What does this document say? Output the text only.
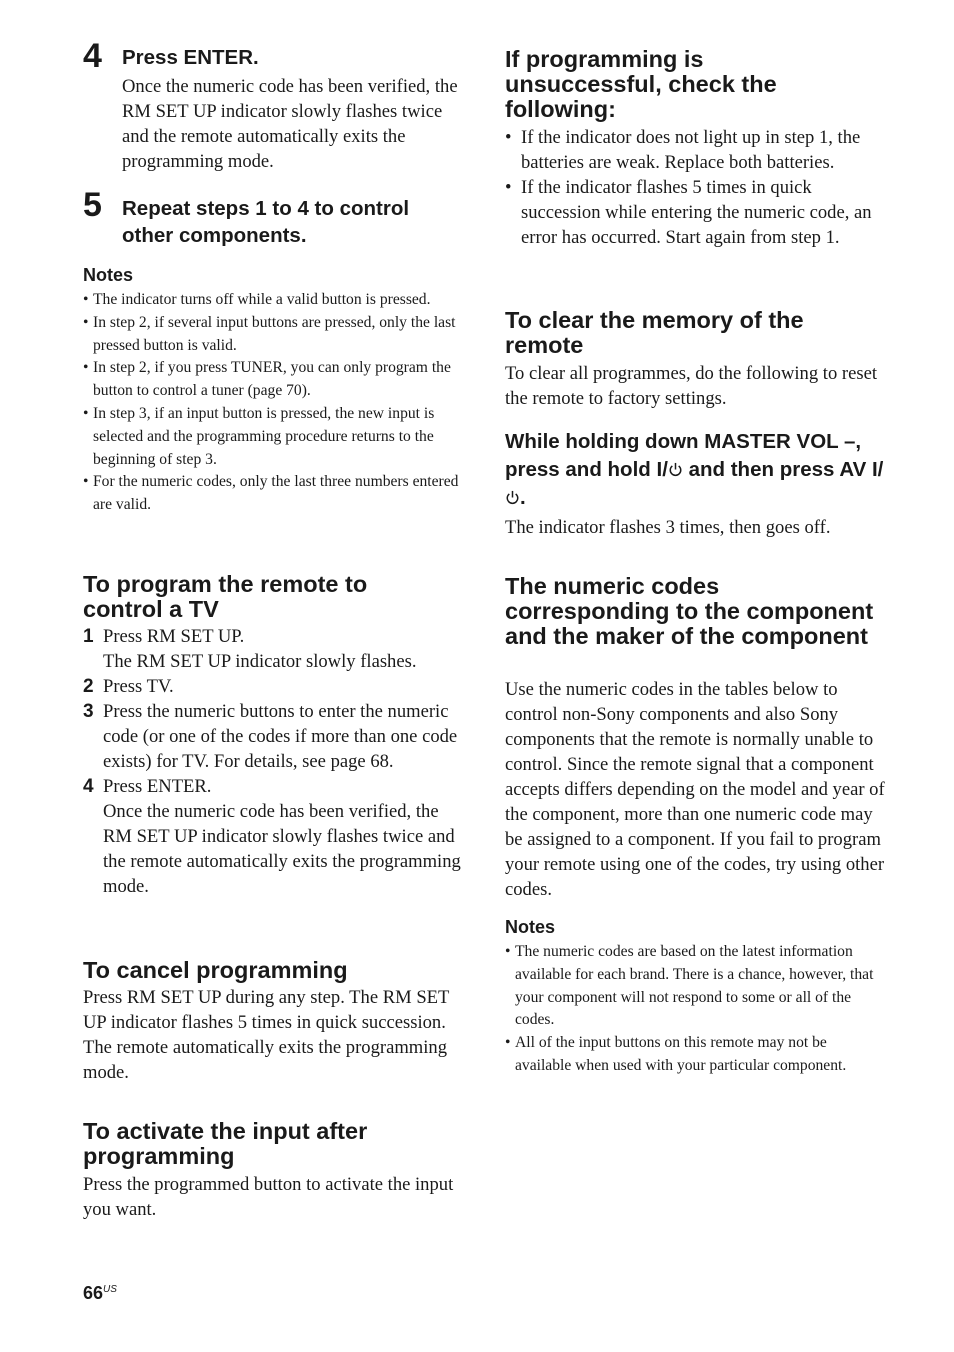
4 Press ENTER.

Once the numeric code has been verified, the RM SET UP indicator slowly flashes twice and the remote automatically exits the programming mode.

5 Repeat steps 1 to 4 to control other components.

Notes

• The indicator turns off while a valid button is pressed.
• In step 2, if several input buttons are pressed, only the last pressed button is valid.
• In step 2, if you press TUNER, you can only program the button to control a tuner (page 70).
• In step 3, if an input button is pressed, the new input is selected and the programming procedure returns to the beginning of step 3.
• For the numeric codes, only the last three numbers entered are valid.
To program the remote to control a TV
1 Press RM SET UP.
The RM SET UP indicator slowly flashes.
2 Press TV.
3 Press the numeric buttons to enter the numeric code (or one of the codes if more than one code exists) for TV. For details, see page 68.
4 Press ENTER.
Once the numeric code has been verified, the RM SET UP indicator slowly flashes twice and the remote automatically exits the programming mode.
To cancel programming

Press RM SET UP during any step. The RM SET UP indicator flashes 5 times in quick succession. The remote automatically exits the programming mode.

To activate the input after programming

Press the programmed button to activate the input you want.

If programming is unsuccessful, check the following:
• If the indicator does not light up in step 1, the batteries are weak. Replace both batteries.
• If the indicator flashes 5 times in quick succession while entering the numeric code, an error has occurred. Start again from step 1.
To clear the memory of the remote

To clear all programmes, do the following to reset the remote to factory settings.

While holding down MASTER VOL –, press and hold I/ and then press AV I/.

The indicator flashes 3 times, then goes off.

The numeric codes corresponding to the component and the maker of the component

Use the numeric codes in the tables below to control non-Sony components and also Sony components that the remote is normally unable to control. Since the remote signal that a component accepts differs depending on the model and year of the component, more than one numeric code may be assigned to a component. If you fail to program your remote using one of the codes, try using other codes.

Notes

• The numeric codes are based on the latest information available for each brand. There is a chance, however, that your component will not respond to some or all of the codes.
• All of the input buttons on this remote may not be available when used with your particular component.
$66^{US}$
